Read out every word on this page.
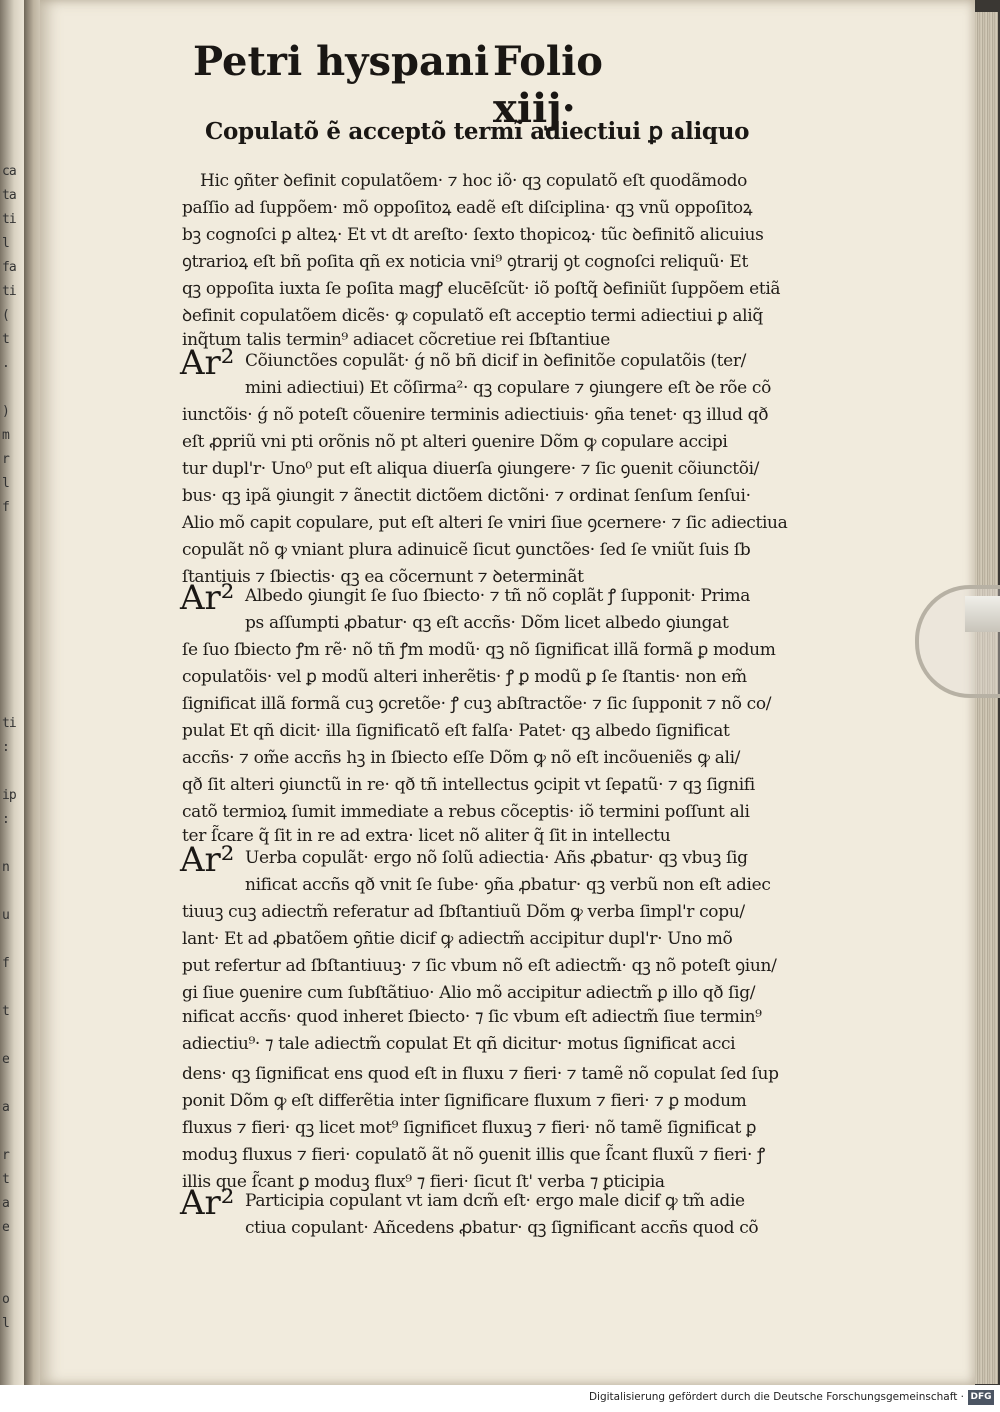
ca
ta
ti
l
fa
ti
(
t
.

)
m
r
l
f

ti
:

ip
:

n

u

f

t

e

a

r
t
a
e

o
l
Petri hyspani Folio xiij·
Copulatõ ẽ acceptõ termĩ adiectiui ꝑ aliquo
Hic ꝯñter ꝺefinit copulatõem· ⁊ hoc iõ· qꝫ copulatõ eſt quodãmodo
paſſio ad ſuppõem· mõ oppoſitoꝝ eadẽ eſt diſciplina· qꝫ vnũ oppoſitoꝝ
bꝫ cognoſci ꝑ alteꝝ· Et vt dt areſto· ſexto thopicoꝝ· tũc ꝺefinitõ alicuius
ꝯtrarioꝝ eſt bñ poſita qñ ex noticia vni⁹ ꝯtrarij ꝯt cognoſci reliquũ· Et
qꝫ oppoſita iuxta ſe poſita magꝭ elucēſcũt· iõ poſtq̃ ꝺefiniũt ſuppõem etiã
ꝺefinit copulatõem dicẽs· ꝙ copulatõ eſt acceptio termi adiectiui ꝑ aliq̃
inq̃tum talis termin⁹ adiacet cõcretiue rei ſbſtantiue
Ar² Cõiunctões copulãt· ǵ nõ bñ dicif in ꝺefinitõe copulatõis (ter/
mini adiectiui) Et cõſirma²· qꝫ copulare ⁊ ꝯiungere eſt ꝺe rõe cõ
iunctõis· ǵ nõ poteſt cõuenire terminis adiectiuis· ꝯña tenet· qꝫ illud qð
eſt ꝓpriũ vni pti orõnis nõ pt alteri ꝯuenire Dõm ꝙ copulare accipi
tur dupl'r· Uno⁰ put eſt aliqua diuerſa ꝯiungere· ⁊ ſic ꝯuenit cõiunctõi/
bus· qꝫ ipã ꝯiungit ⁊ ãnectit dictõem dictõni· ⁊ ordinat ſenſum ſenſui·
Alio mõ capit copulare, put eſt alteri ſe vniri ſiue ꝯcernere· ⁊ ſic adiectiua
copulãt nõ ꝙ vniant plura adinuicẽ ſicut ꝯunctões· ſed ſe vniũt ſuis ſb
ſtantiuis ⁊ ſbiectis· qꝫ ea cõcernunt ⁊ ꝺeterminãt
Ar² Albedo ꝯiungit ſe ſuo ſbiecto· ⁊ tñ nõ coplãt ꝭ ſupponit· Prima
ps aſſumpti ꝓbatur· qꝫ eſt accñs· Dõm licet albedo ꝯiungat
ſe ſuo ſbiecto ꝭm rẽ· nõ tñ ꝭm modũ· qꝫ nõ ſignificat illã formã ꝑ modum
copulatõis· vel ꝑ modũ alteri inherẽtis· ꝭ ꝑ modũ ꝑ ſe ſtantis· non em̃
ſignificat illã formã cuꝫ ꝯcretõe· ꝭ cuꝫ abſtractõe· ⁊ ſic ſupponit ⁊ nõ co/
pulat Et qñ dicit· illa ſignificatõ eſt falſa· Patet· qꝫ albedo ſignificat
accñs· ⁊ om̃e accñs hꝫ in ſbiecto eſſe Dõm ꝙ nõ eſt incõueniẽs ꝙ ali/
qð ſit alteri ꝯiunctũ in re· qð tñ intellectus ꝯcipit vt ſeꝑatũ· ⁊ qꝫ ſignifi
catõ termioꝝ ſumit immediate a rebus cõceptis· iõ termini poſſunt ali
ter ſ̃care q̃ ſit in re ad extra· licet nõ aliter q̃ ſit in intellectu
Ar² Uerba copulãt· ergo nõ ſolũ adiectia· Añs ꝓbatur· qꝫ vbuꝫ ſig
nificat accñs qð vnit ſe ſube· ꝯña ꝓbatur· qꝫ verbũ non eſt adiec
tiuuꝫ cuꝫ adiectm̃ referatur ad ſbſtantiuũ Dõm ꝙ verba ſimpl'r copu/
lant· Et ad ꝓbatõem ꝯñtie dicif ꝙ adiectm̃ accipitur dupl'r· Uno mõ
put refertur ad ſbſtantiuuꝫ· ⁊ ſic vbum nõ eſt adiectm̃· qꝫ nõ poteſt ꝯiun/
gi ſiue ꝯuenire cum ſubſtãtiuo· Alio mõ accipitur adiectm̃ ꝑ illo qð ſig/
nificat accñs· quod inheret ſbiecto· ⁊ ſic vbum eſt adiectm̃ ſiue termin⁹
adiectiu⁹· ⁊ tale adiectm̃ copulat Et qñ dicitur· motus ſignificat acci
dens· qꝫ ſignificat ens quod eſt in fluxu ⁊ fieri· ⁊ tamẽ nõ copulat ſed ſup
ponit Dõm ꝙ eſt differẽtia inter ſignificare fluxum ⁊ fieri· ⁊ ꝑ modum
fluxus ⁊ fieri· qꝫ licet mot⁹ ſignificet fluxuꝫ ⁊ fieri· nõ tamẽ ſignificat ꝑ
moduꝫ fluxus ⁊ fieri· copulatõ ãt nõ ꝯuenit illis que ſ̃cant fluxũ ⁊ fieri· ꝭ
illis que ſ̃cant ꝑ moduꝫ flux⁹ ⁊ fieri· ſicut ſt' verba ⁊ ꝑticipia
Ar² Participia copulant vt iam dcm̃ eſt· ergo male dicif ꝙ tm̃ adie
ctiua copulant· Añcedens ꝓbatur· qꝫ ſignificant accñs quod cõ
Digitalisierung gefördert durch die Deutsche Forschungsgemeinschaft · DFG
